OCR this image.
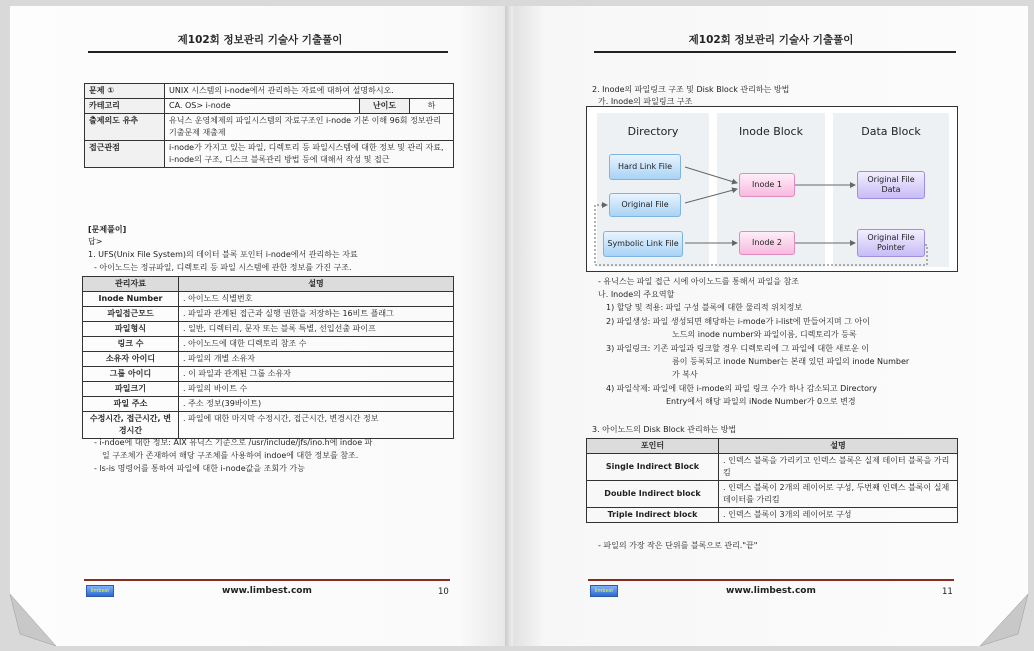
제102회 정보관리 기술사 기출풀이
문제 ①	UNIX 시스템의 i-node에서 관리하는 자료에 대하여 설명하시오.		
카테고리	CA. OS> i-node	난이도	하
출제의도 유추	유닉스 운영체제의 파일시스템의 자료구조인 i-node 기본 이해 96회 정보관리 기출문제 재출제		
접근관점	i-node가 가지고 있는 파일, 디렉토리 등 파일시스템에 대한 정보 및 관리 자료, i-node의 구조, 디스크 블록관리 방법 등에 대해서 작성 및 접근		
[문제풀이]
답>
1. UFS(Unix File System)의 데이터 블록 포인터 i-node에서 관리하는 자료
- 아이노드는 정규파일, 디렉토리 등 파일 시스템에 관한 정보를 가진 구조.
관리자료	설명
Inode Number	. 아이노드 식별번호
파일접근모드	. 파일과 관계된 접근과 실행 권한을 저장하는 16비트 플래그
파일형식	. 일반, 디렉터리, 문자 또는 블록 특별, 선입선출 파이프
링크 수	. 아이노드에 대한 디렉토리 참조 수
소유자 아이디	. 파일의 개별 소유자
그룹 아이디	. 이 파일과 관계된 그룹 소유자
파일크기	. 파일의 바이트 수
파일 주소	. 주소 정보(39바이트)
수정시간, 접근시간, 변경시간	. 파일에 대한 마지막 수정시간, 접근시간, 변경시간 정보
- i-ndoe에 대한 정보: AIX 유닉스 기준으로 /usr/include/jfs/ino.h에 indoe 파
일 구조체가 존재하여 해당 구조체를 사용하여 indoe에 대한 정보를 참조.
- ls-is 명령어를 통하여 파일에 대한 i-node값을 조회가 가능
limbest	www.limbest.com	10
제102회 정보관리 기술사 기출풀이
2. Inode의 파일링크 구조 및 Disk Block 관리하는 방법
가. Inode의 파일링크 구조
Directory	Inode Block	Data Block
Hard Link File
Original File
Symbolic Link File
Inode 1
Inode 2
Original File Data
Original File Pointer
- 유닉스는 파일 접근 시에 아이노드를 통해서 파일을 참조
나. Inode의 주요역할
1) 할당 및 적용: 파일 구성 블록에 대한 물리적 위치정보
2) 파일생성: 파일 생성되면 해당하는 i-mode가 i-list에 만들어지며 그 아이
노드의 inode number와 파일이름, 디렉토리가 등록
3) 파일링크: 기존 파일과 링크할 경우 디렉토리에 그 파일에 대한 새로운 이
름이 등록되고 inode Number는 본래 있던 파일의 inode Number
가 복사
4) 파일삭제: 파일에 대한 i-mode의 파일 링크 수가 하나 감소되고 Directory
Entry에서 해당 파일의 iNode Number가 0으로 변경
3. 아이노드의 Disk Block 관리하는 방법
포인터	설명
Single Indirect Block	. 인덱스 블록을 가리키고 인덱스 블록은 실제 데이터 블록을 가리킴
Double Indirect block	. 인덱스 블록이 2개의 레이어로 구성, 두번째 인덱스 블록이 실제 데이터를 가리킴
Triple Indirect block	. 인덱스 블록이 3개의 레이어로 구성
- 파일의 가장 작은 단위를 블록으로 관리."끝"
limbest	www.limbest.com	11
